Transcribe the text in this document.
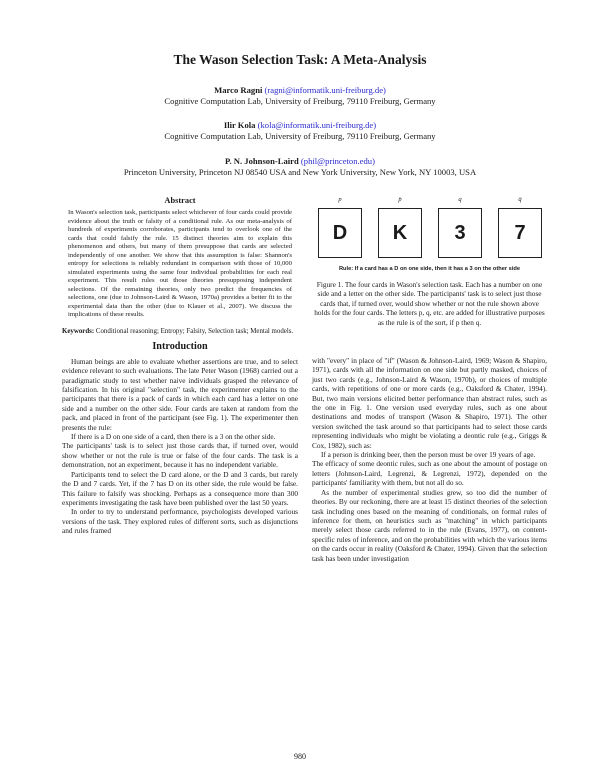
The Wason Selection Task: A Meta-Analysis
Marco Ragni (ragni@informatik.uni-freiburg.de)
Cognitive Computation Lab, University of Freiburg, 79110 Freiburg, Germany
Ilir Kola (kola@informatik.uni-freiburg.de)
Cognitive Computation Lab, University of Freiburg, 79110 Freiburg, Germany
P. N. Johnson-Laird (phil@princeton.edu)
Princeton University, Princeton NJ 08540 USA and New York University, New York, NY 10003, USA
Abstract
In Wason's selection task, participants select whichever of four cards could provide evidence about the truth or falsity of a conditional rule. As our meta-analysis of hundreds of experiments corroborates, participants tend to overlook one of the cards that could falsify the rule. 15 distinct theories aim to explain this phenomenon and others, but many of them presuppose that cards are selected independently of one another. We show that this assumption is false: Shannon's entropy for selections is reliably redundant in comparison with those of 10,000 simulated experiments using the same four individual probabilities for each real experiment. This result rules out those theories presupposing independent selections. Of the remaining theories, only two predict the frequencies of selections, one (due to Johnson-Laird & Wason, 1970a) provides a better fit to the experimental data than the other (due to Klauer et al., 2007). We discuss the implications of these results.
Keywords: Conditional reasoning; Entropy; Falsity, Selection task; Mental models.
Introduction

Human beings are able to evaluate whether assertions are true, and to select evidence relevant to such evaluations. The late Peter Wason (1968) carried out a paradigmatic study to test whether naive individuals grasped the relevance of falsification. In his original "selection" task, the experimenter explains to the participants that there is a pack of cards in which each card has a letter on one side and a number on the other side. Four cards are taken at random from the pack, and placed in front of the participant (see Fig. 1). The experimenter then presents the rule:

If there is a D on one side of a card, then there is a 3 on the other side.

The participants' task is to select just those cards that, if turned over, would show whether or not the rule is true or false of the four cards. The task is a demonstration, not an experiment, because it has no independent variable.

Participants tend to select the D card alone, or the D and 3 cards, but rarely the D and 7 cards. Yet, if the 7 has D on its other side, the rule would be false. This failure to falsify was shocking. Perhaps as a consequence more than 300 experiments investigating the task have been published over the last 50 years.

In order to try to understand performance, psychologists developed various versions of the task. They explored rules of different sorts, such as disjunctions and rules framed

p	p̄	q	q̄
D	K	3	7
Rule: If a card has a D on one side, then it has a 3 on the other side
Figure 1. The four cards in Wason's selection task. Each has a number on one side and a letter on the other side. The participants' task is to select just those cards that, if turned over, would show whether or not the rule shown above holds for the four cards. The letters p, q, etc. are added for illustrative purposes as the rule is of the sort, if p then q.

with "every" in place of "if" (Wason & Johnson-Laird, 1969; Wason & Shapiro, 1971), cards with all the information on one side but partly masked, choices of just two cards (e.g., Johnson-Laird & Wason, 1970b), or choices of multiple cards, with repetitions of one or more cards (e.g., Oaksford & Chater, 1994). But, two main versions elicited better performance than abstract rules, such as the one in Fig. 1. One version used everyday rules, such as one about destinations and modes of transport (Wason & Shapiro, 1971). The other version switched the task around so that participants had to select those cards representing individuals who might be violating a deontic rule (e.g., Griggs & Cox, 1982), such as:

If a person is drinking beer, then the person must be over 19 years of age.

The efficacy of some deontic rules, such as one about the amount of postage on letters (Johnson-Laird, Legrenzi, & Legrenzi, 1972), depended on the participants' familiarity with them, but not all do so.

As the number of experimental studies grew, so too did the number of theories. By our reckoning, there are at least 15 distinct theories of the selection task including ones based on the meaning of conditionals, on formal rules of inference for them, on heuristics such as "matching" in which participants merely select those cards referred to in the rule (Evans, 1977), on content-specific rules of inference, and on the probabilities with which the various items on the cards occur in reality (Oaksford & Chater, 1994). Given that the selection task has been under investigation

980
